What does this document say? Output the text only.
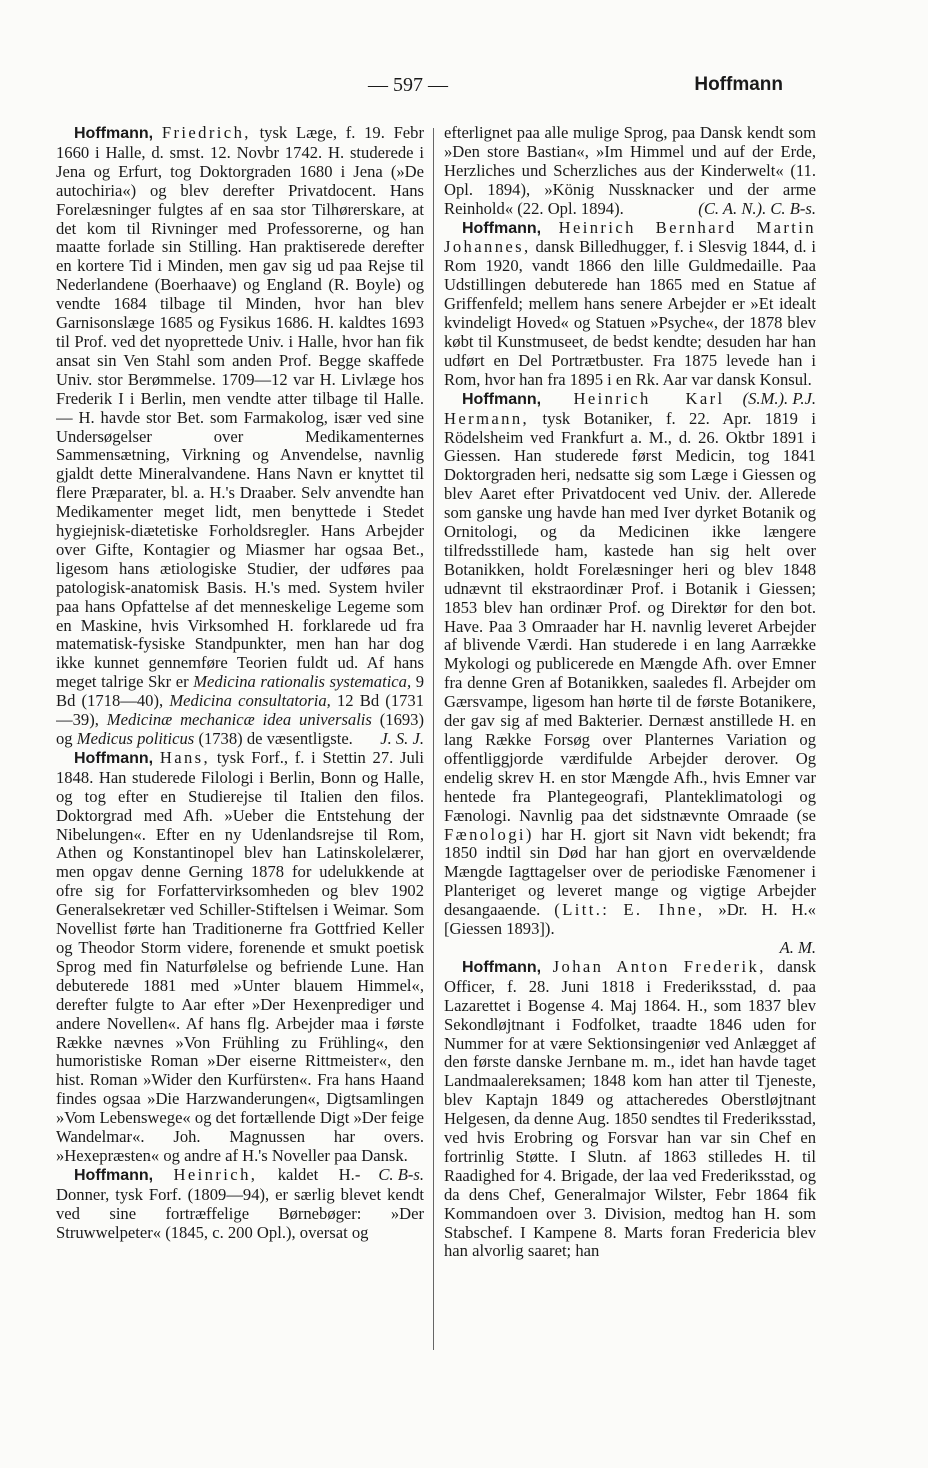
— 597 —	Hoffmann

Hoffmann, Friedrich, tysk Læge, f. 19. Febr 1660 i Halle, d. smst. 12. Novbr 1742. H. studerede i Jena og Erfurt, tog Doktorgraden 1680 i Jena (»De autochiria«) og blev derefter Privatdocent. Hans Forelæsninger fulgtes af en saa stor Tilhørerskare, at det kom til Rivninger med Professorerne, og han maatte forlade sin Stilling. Han praktiserede derefter en kortere Tid i Minden, men gav sig ud paa Rejse til Nederlandene (Boerhaave) og England (R. Boyle) og vendte 1684 tilbage til Minden, hvor han blev Garnisonslæge 1685 og Fysikus 1686. H. kaldtes 1693 til Prof. ved det nyoprettede Univ. i Halle, hvor han fik ansat sin Ven Stahl som anden Prof. Begge skaffede Univ. stor Berømmelse. 1709—12 var H. Livlæge hos Frederik I i Berlin, men vendte atter tilbage til Halle. — H. havde stor Bet. som Farmakolog, især ved sine Undersøgelser over Medikamenternes Sammensætning, Virkning og Anvendelse, navnlig gjaldt dette Mineralvandene. Hans Navn er knyttet til flere Præparater, bl. a. H.'s Draaber. Selv anvendte han Medikamenter meget lidt, men benyttede i Stedet hygiejnisk-diætetiske Forholdsregler. Hans Arbejder over Gifte, Kontagier og Miasmer har ogsaa Bet., ligesom hans ætiologiske Studier, der udføres paa patologisk-anatomisk Basis. H.'s med. System hviler paa hans Opfattelse af det menneskelige Legeme som en Maskine, hvis Virksomhed H. forklarede ud fra matematisk-fysiske Standpunkter, men han har dog ikke kunnet gennemføre Teorien fuldt ud. Af hans meget talrige Skr er Medicina rationalis systematica, 9 Bd (1718—40), Medicina consultatoria, 12 Bd (1731—39), Medicinæ mechanicæ idea universalis (1693) og Medicus politicus (1738) de væsentligste.	J. S. J.

Hoffmann, Hans, tysk Forf., f. i Stettin 27. Juli 1848. Han studerede Filologi i Berlin, Bonn og Halle, og tog efter en Studierejse til Italien den filos. Doktorgrad med Afh. »Ueber die Entstehung der Nibelungen«. Efter en ny Udenlandsrejse til Rom, Athen og Konstantinopel blev han Latinskolelærer, men opgav denne Gerning 1878 for udelukkende at ofre sig for Forfattervirksomheden og blev 1902 Generalsekretær ved Schiller-Stiftelsen i Weimar. Som Novellist førte han Traditionerne fra Gottfried Keller og Theodor Storm videre, forenende et smukt poetisk Sprog med fin Naturfølelse og befriende Lune. Han debuterede 1881 med »Unter blauem Himmel«, derefter fulgte to Aar efter »Der Hexenprediger und andere Novellen«. Af hans flg. Arbejder maa i første Række nævnes »Von Frühling zu Frühling«, den humoristiske Roman »Der eiserne Rittmeister«, den hist. Roman »Wider den Kurfürsten«. Fra hans Haand findes ogsaa »Die Harzwanderungen«, Digtsamlingen »Vom Lebenswege« og det fortællende Digt »Der feige Wandelmar«. Joh. Magnussen har overs. »Hexepræsten« og andre af H.'s Noveller paa Dansk.
C. B-s.

Hoffmann, Heinrich, kaldet H.-Donner, tysk Forf. (1809—94), er særlig blevet kendt ved sine fortræffelige Børnebøger: »Der Struwwelpeter« (1845, c. 200 Opl.), oversat og

efterlignet paa alle mulige Sprog, paa Dansk kendt som »Den store Bastian«, »Im Himmel und auf der Erde, Herzliches und Scherzliches aus der Kinderwelt« (11. Opl. 1894), »König Nussknacker und der arme Reinhold« (22. Opl. 1894).	(C. A. N.). C. B-s.

Hoffmann, Heinrich Bernhard Martin Johannes, dansk Billedhugger, f. i Slesvig 1844, d. i Rom 1920, vandt 1866 den lille Guldmedaille. Paa Udstillingen debuterede han 1865 med en Statue af Griffenfeld; mellem hans senere Arbejder er »Et idealt kvindeligt Hoved« og Statuen »Psyche«, der 1878 blev købt til Kunstmuseet, de bedst kendte; desuden har han udført en Del Portrætbuster. Fra 1875 levede han i Rom, hvor han fra 1895 i en Rk. Aar var dansk Konsul.
(S.M.). P.J.

Hoffmann, Heinrich Karl Hermann, tysk Botaniker, f. 22. Apr. 1819 i Rödelsheim ved Frankfurt a. M., d. 26. Oktbr 1891 i Giessen. Han studerede først Medicin, tog 1841 Doktorgraden heri, nedsatte sig som Læge i Giessen og blev Aaret efter Privatdocent ved Univ. der. Allerede som ganske ung havde han med Iver dyrket Botanik og Ornitologi, og da Medicinen ikke længere tilfredsstillede ham, kastede han sig helt over Botanikken, holdt Forelæsninger heri og blev 1848 udnævnt til ekstraordinær Prof. i Botanik i Giessen; 1853 blev han ordinær Prof. og Direktør for den bot. Have. Paa 3 Omraader har H. navnlig leveret Arbejder af blivende Værdi. Han studerede i en lang Aarrække Mykologi og publicerede en Mængde Afh. over Emner fra denne Gren af Botanikken, saaledes fl. Arbejder om Gærsvampe, ligesom han hørte til de første Botanikere, der gav sig af med Bakterier. Dernæst anstillede H. en lang Række Forsøg over Planternes Variation og offentliggjorde værdifulde Arbejder derover. Og endelig skrev H. en stor Mængde Afh., hvis Emner var hentede fra Plantegeografi, Planteklimatologi og Fænologi. Navnlig paa det sidstnævnte Omraade (se Fænologi) har H. gjort sit Navn vidt bekendt; fra 1850 indtil sin Død har han gjort en overvældende Mængde Iagttagelser over de periodiske Fænomener i Planteriget og leveret mange og vigtige Arbejder desangaaende. (Litt.: E. Ihne, »Dr. H. H.« [Giessen 1893]).

A. M.

Hoffmann, Johan Anton Frederik, dansk Officer, f. 28. Juni 1818 i Frederiksstad, d. paa Lazarettet i Bogense 4. Maj 1864. H., som 1837 blev Sekondløjtnant i Fodfolket, traadte 1846 uden for Nummer for at være Sektionsingeniør ved Anlægget af den første danske Jernbane m. m., idet han havde taget Landmaalereksamen; 1848 kom han atter til Tjeneste, blev Kaptajn 1849 og attacheredes Oberstløjtnant Helgesen, da denne Aug. 1850 sendtes til Frederiksstad, ved hvis Erobring og Forsvar han var sin Chef en fortrinlig Støtte. I Slutn. af 1863 stilledes H. til Raadighed for 4. Brigade, der laa ved Frederiksstad, og da dens Chef, Generalmajor Wilster, Febr 1864 fik Kommandoen over 3. Division, medtog han H. som Stabschef. I Kampene 8. Marts foran Fredericia blev han alvorlig saaret; han
